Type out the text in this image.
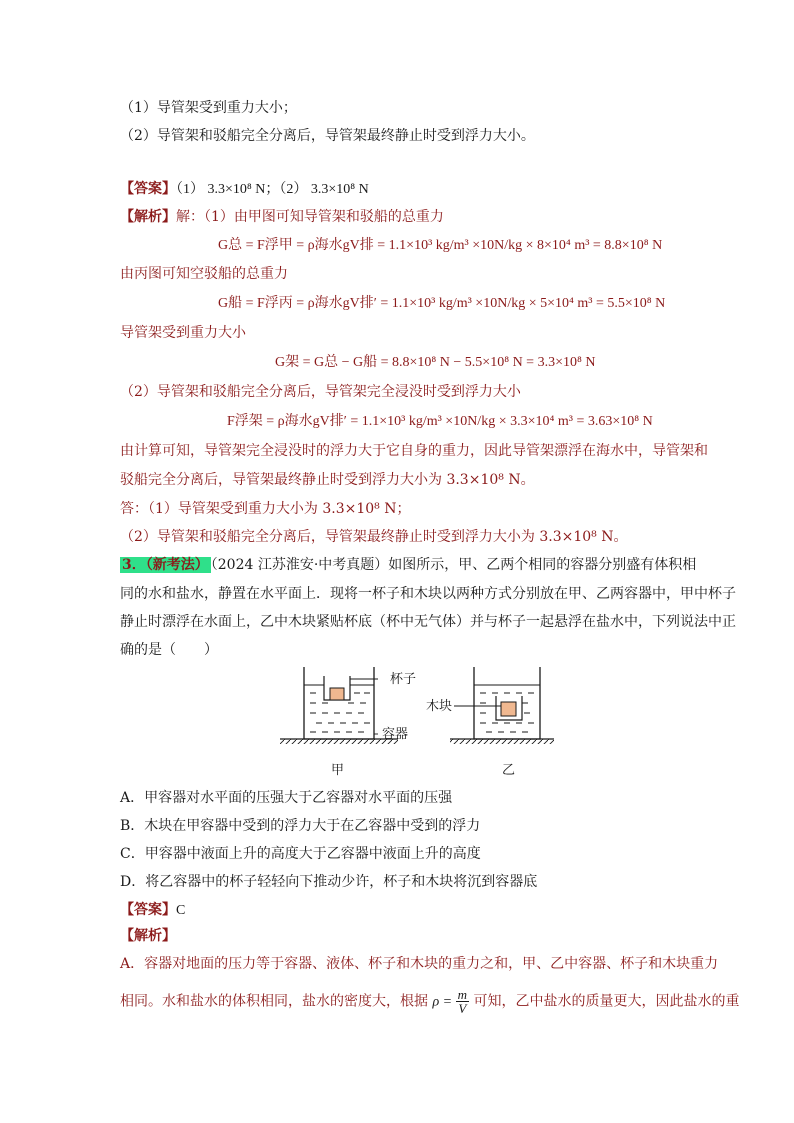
（1）导管架受到重力大小；
（2）导管架和驳船完全分离后，导管架最终静止时受到浮力大小。
【答案】（1） 3.3×10⁸ N；（2） 3.3×10⁸ N
【解析】解：（1）由甲图可知导管架和驳船的总重力
G总 = F浮甲 = ρ海水gV排 = 1.1×10³ kg/m³ ×10N/kg × 8×10⁴ m³ = 8.8×10⁸ N
由丙图可知空驳船的总重力
G船 = F浮丙 = ρ海水gV排′ = 1.1×10³ kg/m³ ×10N/kg × 5×10⁴ m³ = 5.5×10⁸ N
导管架受到重力大小
G架 = G总 − G船 = 8.8×10⁸ N − 5.5×10⁸ N = 3.3×10⁸ N
（2）导管架和驳船完全分离后，导管架完全浸没时受到浮力大小
F浮架 = ρ海水gV排′ = 1.1×10³ kg/m³ ×10N/kg × 3.3×10⁴ m³ = 3.63×10⁸ N
由计算可知，导管架完全浸没时的浮力大于它自身的重力，因此导管架漂浮在海水中，导管架和
驳船完全分离后，导管架最终静止时受到浮力大小为 3.3×10⁸ N。
答：（1）导管架受到重力大小为 3.3×10⁸ N；
（2）导管架和驳船完全分离后，导管架最终静止时受到浮力大小为 3.3×10⁸ N。
3．（新考法） （2024 江苏淮安·中考真题）如图所示，甲、乙两个相同的容器分别盛有体积相
同的水和盐水，静置在水平面上．现将一杯子和木块以两种方式分别放在甲、乙两容器中，甲中杯子
静止时漂浮在水面上，乙中木块紧贴杯底（杯中无气体）并与杯子一起悬浮在盐水中，下列说法中正
确的是（　　）
杯子
容器
木块
甲	乙
A．甲容器对水平面的压强大于乙容器对水平面的压强
B．木块在甲容器中受到的浮力大于在乙容器中受到的浮力
C．甲容器中液面上升的高度大于乙容器中液面上升的高度
D．将乙容器中的杯子轻轻向下推动少许，杯子和木块将沉到容器底
【答案】C
【解析】
A．容器对地面的压力等于容器、液体、杯子和木块的重力之和，甲、乙中容器、杯子和木块重力
相同。水和盐水的体积相同，盐水的密度大，根据 $\rho = \frac{m}{V}$ 可知，乙中盐水的质量更大，因此盐水的重
